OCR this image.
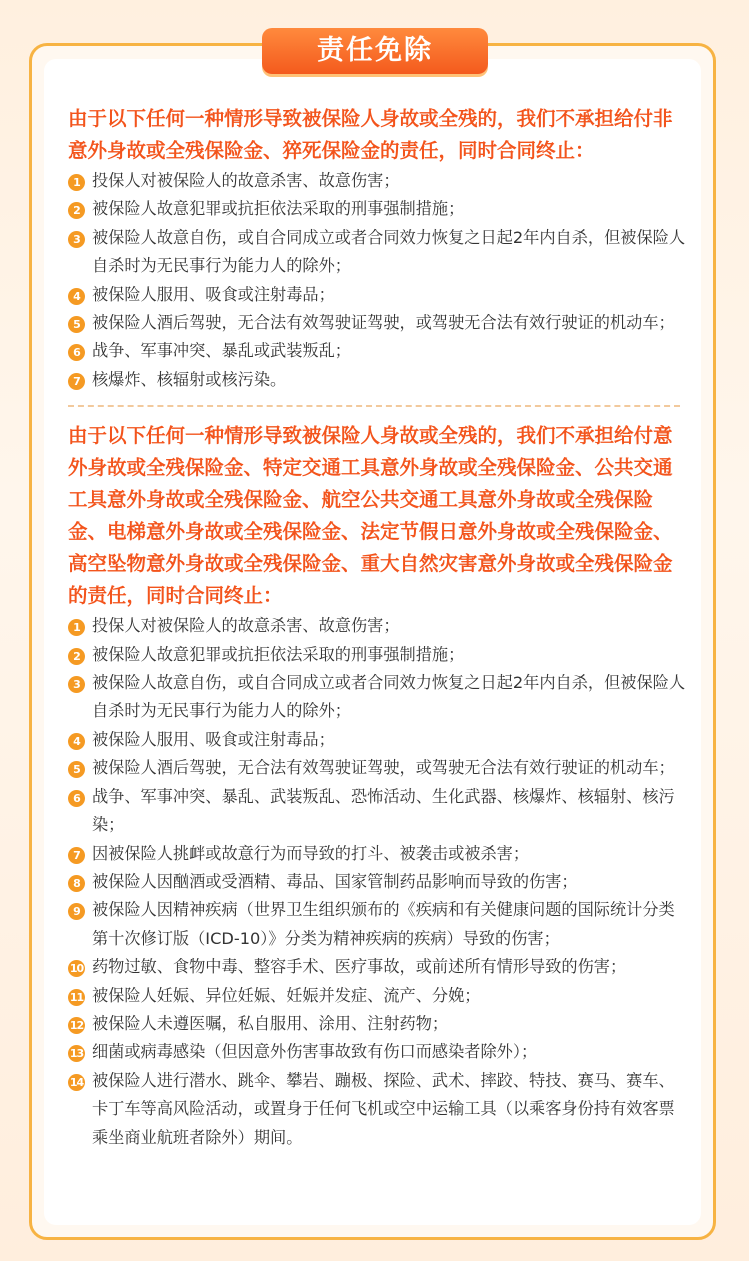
责任免除

由于以下任何一种情形导致被保险人身故或全残的，我们不承担给付非意外身故或全残保险金、猝死保险金的责任，同时合同终止：

1 投保人对被保险人的故意杀害、故意伤害；
2 被保险人故意犯罪或抗拒依法采取的刑事强制措施；
3 被保险人故意自伤，或自合同成立或者合同效力恢复之日起2年内自杀，但被保险人自杀时为无民事行为能力人的除外；
4 被保险人服用、吸食或注射毒品；
5 被保险人酒后驾驶，无合法有效驾驶证驾驶，或驾驶无合法有效行驶证的机动车；
6 战争、军事冲突、暴乱或武装叛乱；
7 核爆炸、核辐射或核污染。

由于以下任何一种情形导致被保险人身故或全残的，我们不承担给付意外身故或全残保险金、特定交通工具意外身故或全残保险金、公共交通工具意外身故或全残保险金、航空公共交通工具意外身故或全残保险金、电梯意外身故或全残保险金、法定节假日意外身故或全残保险金、高空坠物意外身故或全残保险金、重大自然灾害意外身故或全残保险金的责任，同时合同终止：

1 投保人对被保险人的故意杀害、故意伤害；
2 被保险人故意犯罪或抗拒依法采取的刑事强制措施；
3 被保险人故意自伤，或自合同成立或者合同效力恢复之日起2年内自杀，但被保险人自杀时为无民事行为能力人的除外；
4 被保险人服用、吸食或注射毒品；
5 被保险人酒后驾驶，无合法有效驾驶证驾驶，或驾驶无合法有效行驶证的机动车；
6 战争、军事冲突、暴乱、武装叛乱、恐怖活动、生化武器、核爆炸、核辐射、核污染；
7 因被保险人挑衅或故意行为而导致的打斗、被袭击或被杀害；
8 被保险人因酗酒或受酒精、毒品、国家管制药品影响而导致的伤害；
9 被保险人因精神疾病（世界卫生组织颁布的《疾病和有关健康问题的国际统计分类第十次修订版（ICD-10）》分类为精神疾病的疾病）导致的伤害；
10 药物过敏、食物中毒、整容手术、医疗事故，或前述所有情形导致的伤害；
11 被保险人妊娠、异位妊娠、妊娠并发症、流产、分娩；
12 被保险人未遵医嘱，私自服用、涂用、注射药物；
13 细菌或病毒感染（但因意外伤害事故致有伤口而感染者除外）；
14 被保险人进行潜水、跳伞、攀岩、蹦极、探险、武术、摔跤、特技、赛马、赛车、卡丁车等高风险活动，或置身于任何飞机或空中运输工具（以乘客身份持有效客票乘坐商业航班者除外）期间。
